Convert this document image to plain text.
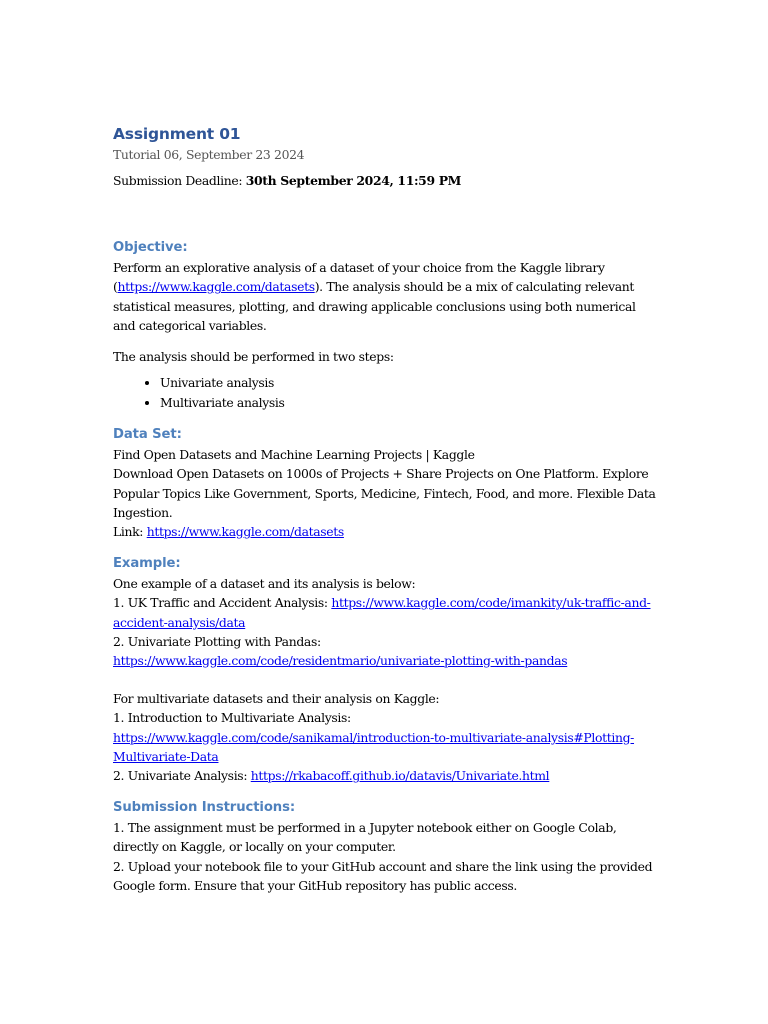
Assignment 01
Tutorial 06, September 23 2024

Submission Deadline: 30th September 2024, 11:59 PM

Objective:

Perform an explorative analysis of a dataset of your choice from the Kaggle library (https://www.kaggle.com/datasets). The analysis should be a mix of calculating relevant statistical measures, plotting, and drawing applicable conclusions using both numerical and categorical variables.

The analysis should be performed in two steps:

• Univariate analysis
• Multivariate analysis
Data Set:

Find Open Datasets and Machine Learning Projects | Kaggle

Download Open Datasets on 1000s of Projects + Share Projects on One Platform. Explore Popular Topics Like Government, Sports, Medicine, Fintech, Food, and more. Flexible Data Ingestion.

Link: https://www.kaggle.com/datasets

Example:

One example of a dataset and its analysis is below:

1. UK Traffic and Accident Analysis: https://www.kaggle.com/code/imankity/uk-traffic-and-accident-analysis/data

2. Univariate Plotting with Pandas:
https://www.kaggle.com/code/residentmario/univariate-plotting-with-pandas

For multivariate datasets and their analysis on Kaggle:

1. Introduction to Multivariate Analysis:
https://www.kaggle.com/code/sanikamal/introduction-to-multivariate-analysis#Plotting-Multivariate-Data

2. Univariate Analysis: https://rkabacoff.github.io/datavis/Univariate.html

Submission Instructions:

1. The assignment must be performed in a Jupyter notebook either on Google Colab, directly on Kaggle, or locally on your computer.

2. Upload your notebook file to your GitHub account and share the link using the provided Google form. Ensure that your GitHub repository has public access.
